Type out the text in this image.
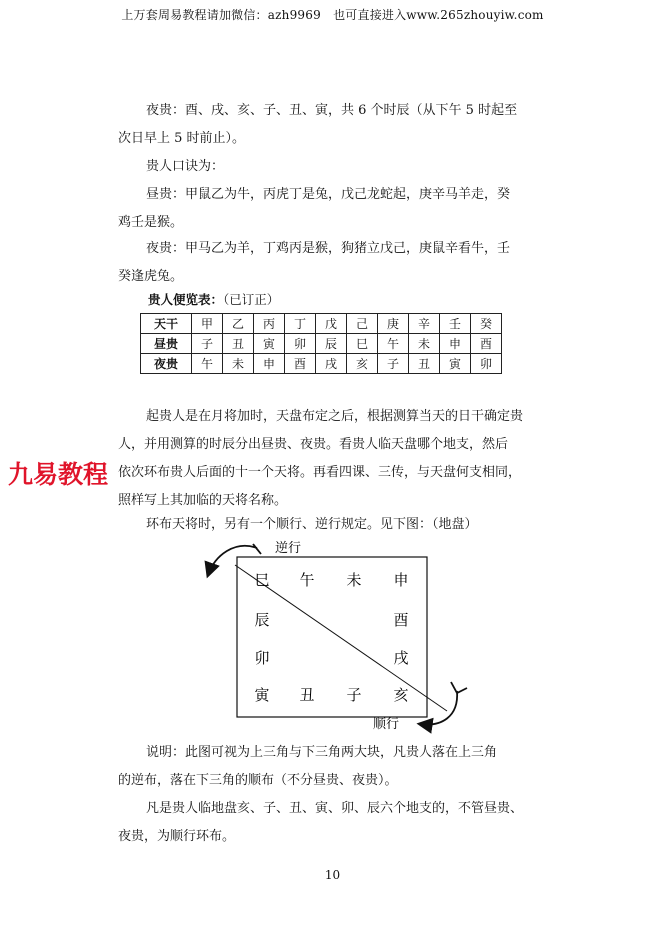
上万套周易教程请加微信：azh9969　也可直接进入www.265zhouyiw.com
夜贵：酉、戌、亥、子、丑、寅，共 6 个时辰（从下午 5 时起至
次日早上 5 时前止）。
贵人口诀为：
昼贵：甲鼠乙为牛，丙虎丁是兔，戊己龙蛇起，庚辛马羊走，癸
鸡壬是猴。
夜贵：甲马乙为羊，丁鸡丙是猴，狗猪立戊己，庚鼠辛看牛，壬
癸逢虎兔。
贵人便览表：（已订正）
天干	甲	乙	丙	丁	戊	己	庚	辛	壬	癸
昼贵	子	丑	寅	卯	辰	巳	午	未	申	酉
夜贵	午	未	申	酉	戌	亥	子	丑	寅	卯
九易教程
起贵人是在月将加时，天盘布定之后，根据测算当天的日干确定贵
人，并用测算的时辰分出昼贵、夜贵。看贵人临天盘哪个地支，然后
依次环布贵人后面的十一个天将。再看四课、三传，与天盘何支相同，
照样写上其加临的天将名称。
环布天将时，另有一个顺行、逆行规定。见下图：（地盘）
逆行
顺行
巳 午 未 申
辰	酉
卯	戌
寅 丑 子 亥
说明：此图可视为上三角与下三角两大块，凡贵人落在上三角
的逆布，落在下三角的顺布（不分昼贵、夜贵）。
凡是贵人临地盘亥、子、丑、寅、卯、辰六个地支的，不管昼贵、
夜贵，为顺行环布。
10
